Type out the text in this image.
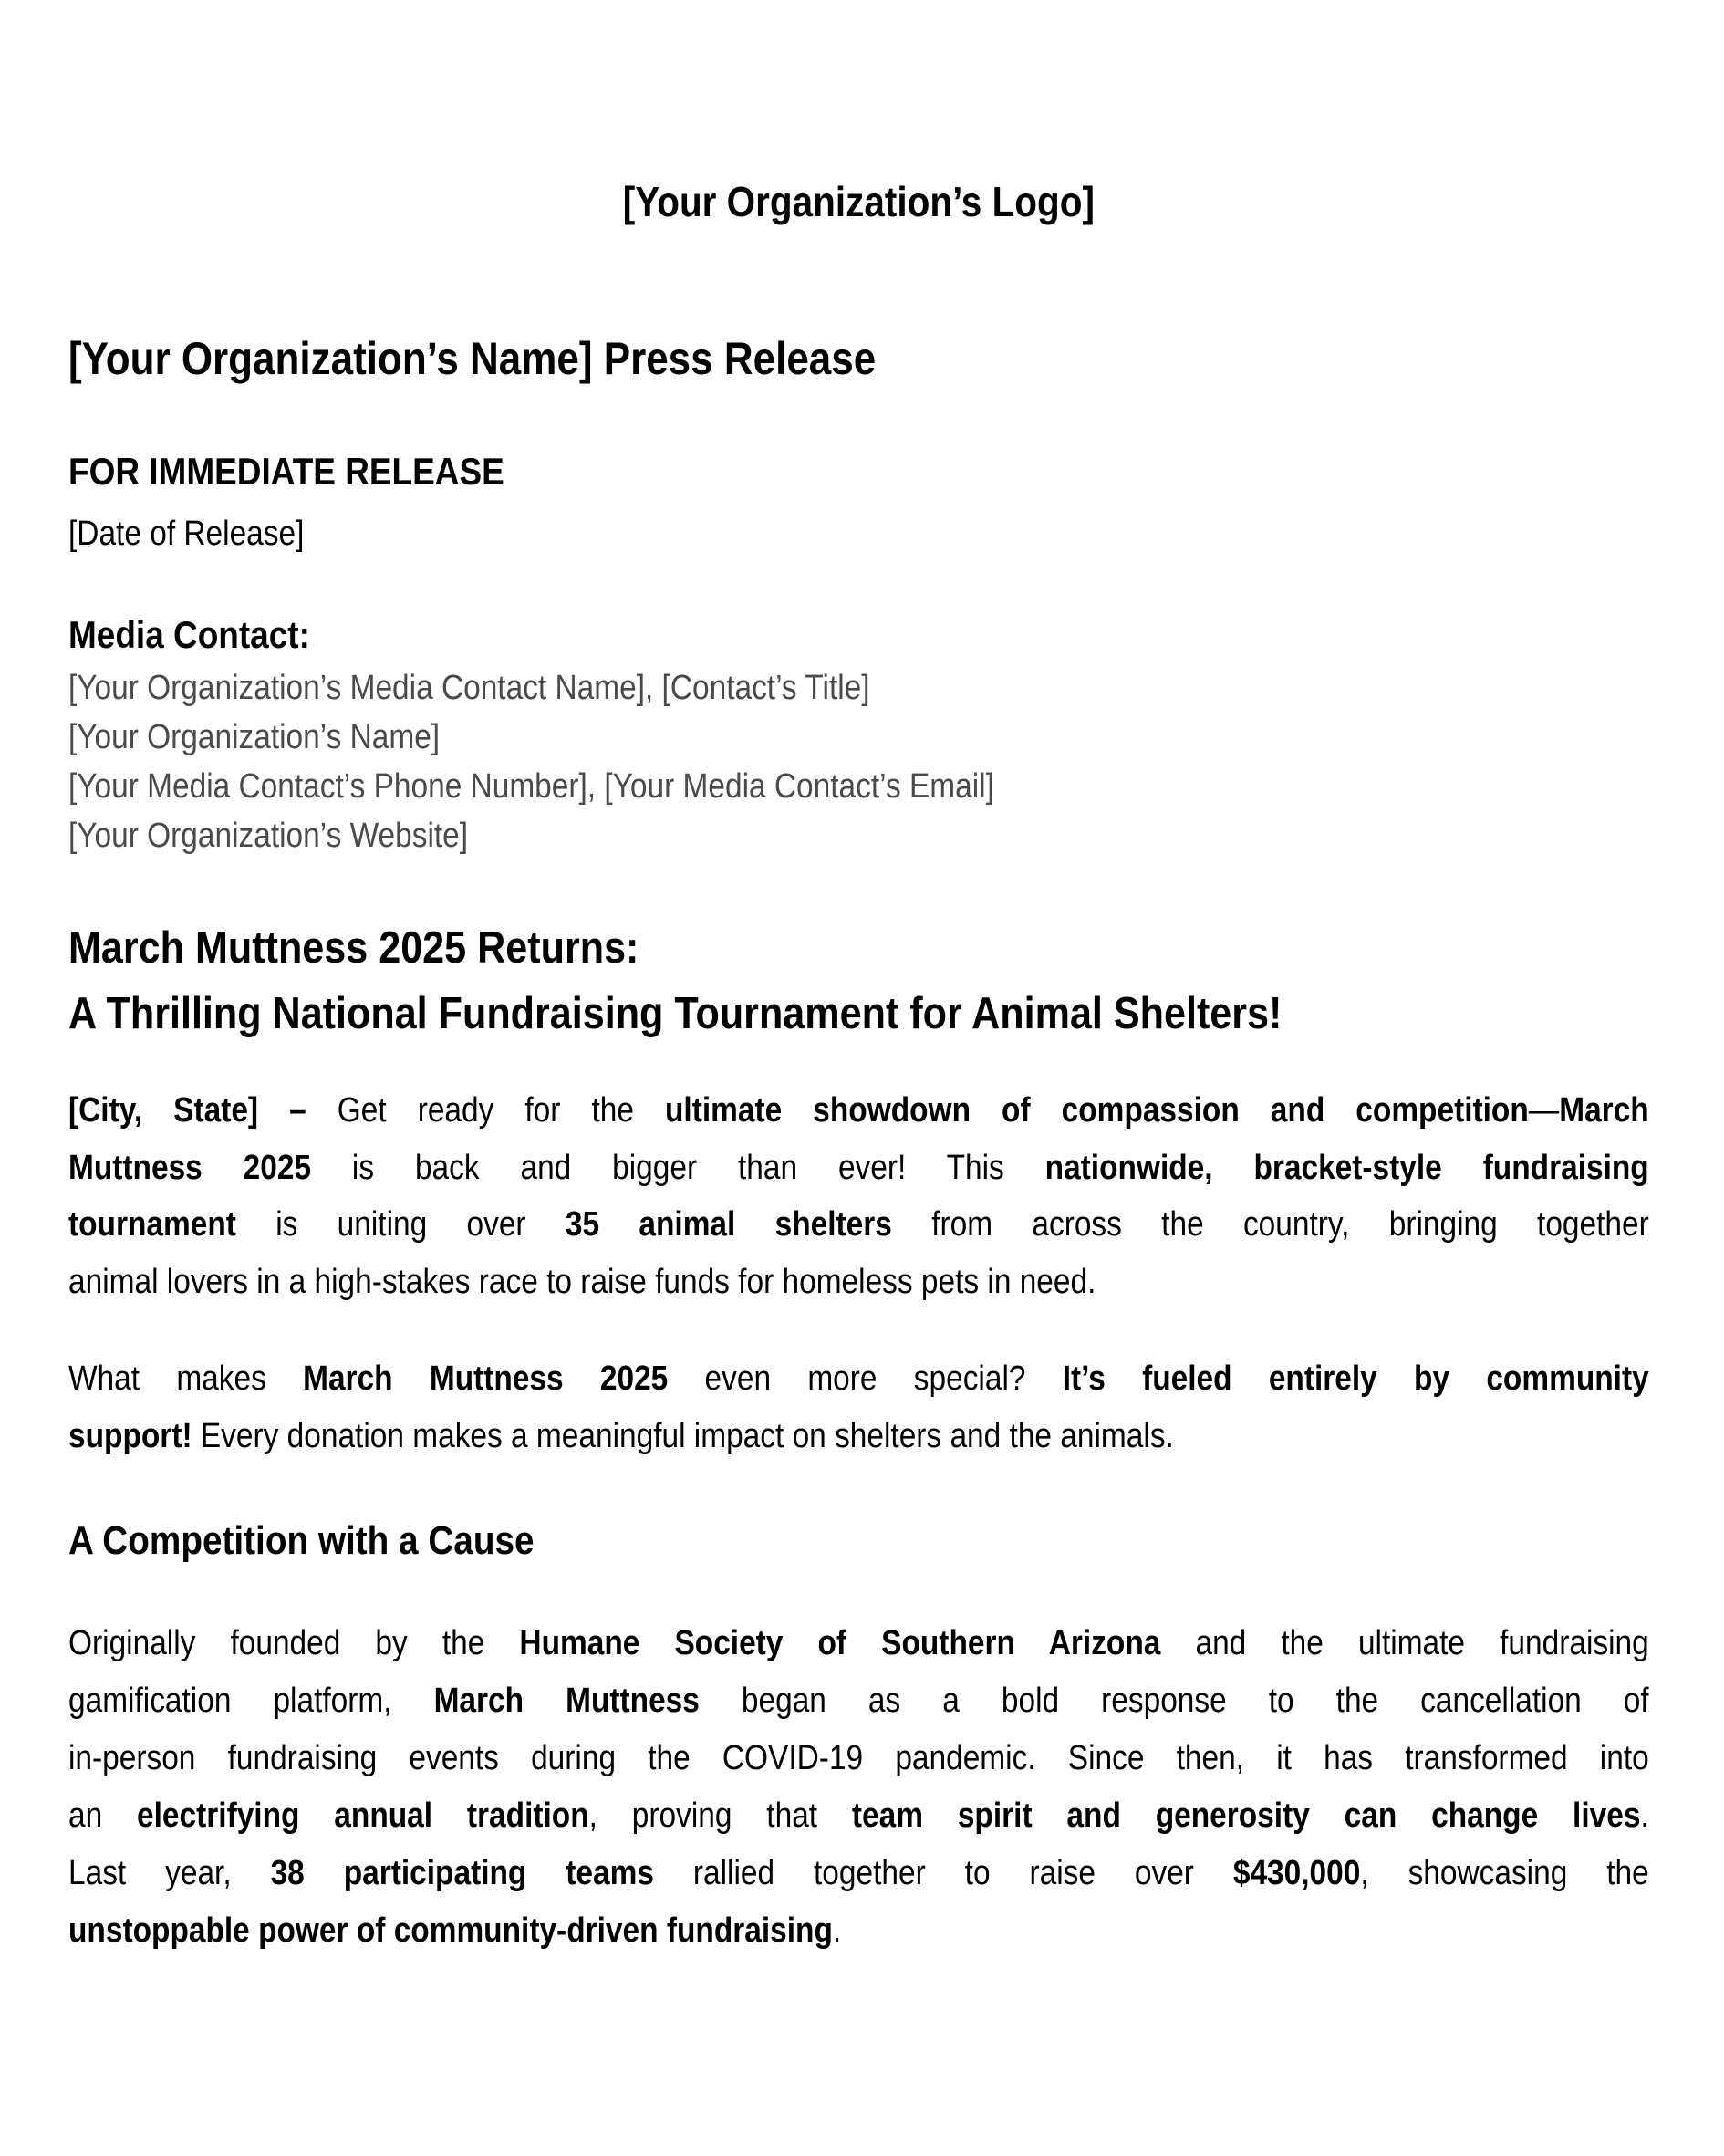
[Your Organization’s Logo]
[Your Organization’s Name] Press Release
FOR IMMEDIATE RELEASE
[Date of Release]
Media Contact:
[Your Organization’s Media Contact Name], [Contact’s Title]
[Your Organization’s Name]
[Your Media Contact’s Phone Number], [Your Media Contact’s Email]
[Your Organization’s Website]
March Muttness 2025 Returns:
A Thrilling National Fundraising Tournament for Animal Shelters!
[City, State] – Get ready for the ultimate showdown of compassion and competition—March
Muttness 2025 is back and bigger than ever! This nationwide, bracket-style fundraising
tournament is uniting over 35 animal shelters from across the country, bringing together
animal lovers in a high-stakes race to raise funds for homeless pets in need.
What makes March Muttness 2025 even more special? It’s fueled entirely by community
support! Every donation makes a meaningful impact on shelters and the animals.
A Competition with a Cause
Originally founded by the Humane Society of Southern Arizona and the ultimate fundraising
gamification platform, March Muttness began as a bold response to the cancellation of
in-person fundraising events during the COVID-19 pandemic. Since then, it has transformed into
an electrifying annual tradition, proving that team spirit and generosity can change lives.
Last year, 38 participating teams rallied together to raise over $430,000, showcasing the
unstoppable power of community-driven fundraising.
